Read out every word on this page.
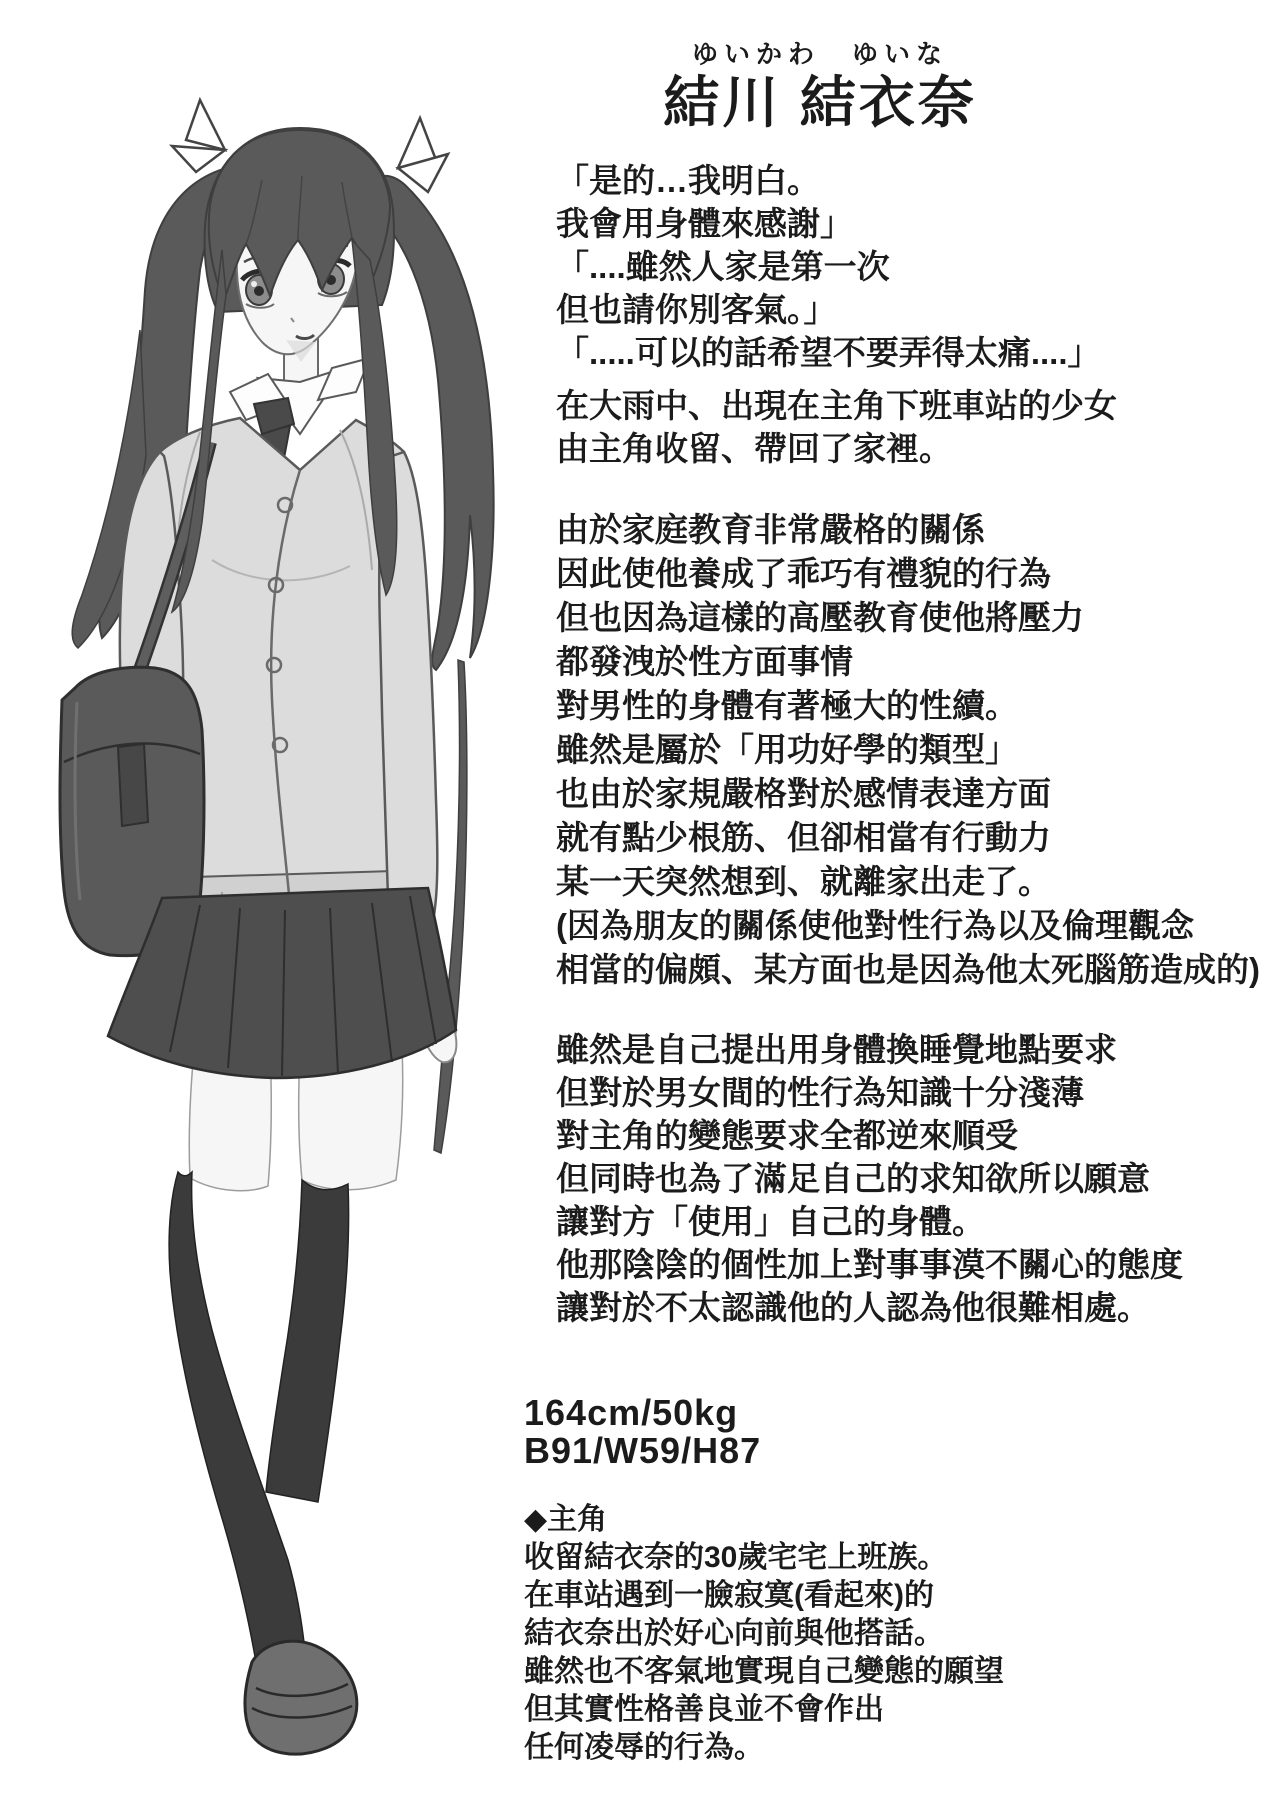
ゆいかわ　ゆいな
結川 結衣奈
「是的…我明白。
我會用身體來感謝」
「....雖然人家是第一次
但也請你別客氣。」
「.....可以的話希望不要弄得太痛....」
在大雨中、出現在主角下班車站的少女
由主角收留、帶回了家裡。
由於家庭教育非常嚴格的關係
因此使他養成了乖巧有禮貌的行為
但也因為這樣的高壓教育使他將壓力
都發洩於性方面事情
對男性的身體有著極大的性續。
雖然是屬於「用功好學的類型」
也由於家規嚴格對於感情表達方面
就有點少根筋、但卻相當有行動力
某一天突然想到、就離家出走了。
(因為朋友的關係使他對性行為以及倫理觀念
相當的偏頗、某方面也是因為他太死腦筋造成的)
雖然是自己提出用身體換睡覺地點要求
但對於男女間的性行為知識十分淺薄
對主角的變態要求全都逆來順受
但同時也為了滿足自己的求知欲所以願意
讓對方「使用」自己的身體。
他那陰陰的個性加上對事事漠不關心的態度
讓對於不太認識他的人認為他很難相處。
164cm/50kg
B91/W59/H87
◆主角
收留結衣奈的30歲宅宅上班族。
在車站遇到一臉寂寞(看起來)的
結衣奈出於好心向前與他搭話。
雖然也不客氣地實現自己變態的願望
但其實性格善良並不會作出
任何凌辱的行為。
